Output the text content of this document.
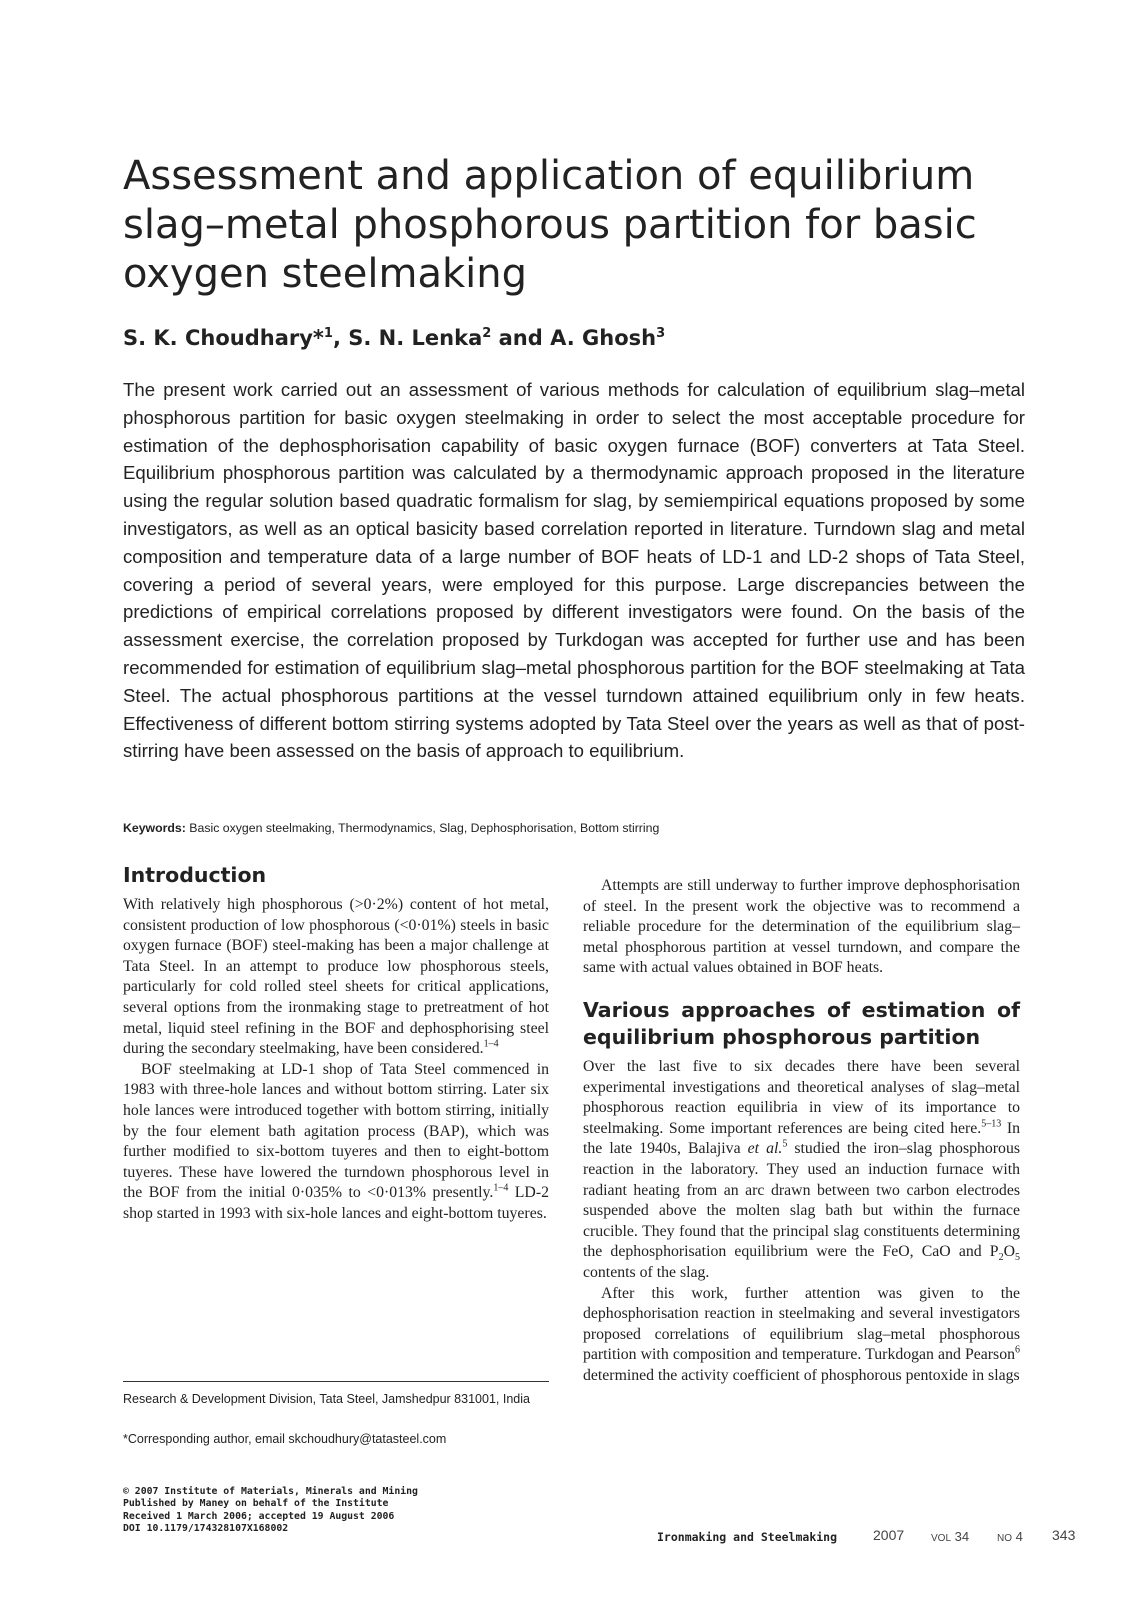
Assessment and application of equilibrium slag–metal phosphorous partition for basic oxygen steelmaking

S. K. Choudhary*$^1$, S. N. Lenka$^2$ and A. Ghosh$^3$

The present work carried out an assessment of various methods for calculation of equilibrium slag–metal phosphorous partition for basic oxygen steelmaking in order to select the most acceptable procedure for estimation of the dephosphorisation capability of basic oxygen furnace (BOF) converters at Tata Steel. Equilibrium phosphorous partition was calculated by a thermodynamic approach proposed in the literature using the regular solution based quadratic formalism for slag, by semiempirical equations proposed by some investigators, as well as an optical basicity based correlation reported in literature. Turndown slag and metal composition and temperature data of a large number of BOF heats of LD-1 and LD-2 shops of Tata Steel, covering a period of several years, were employed for this purpose. Large discrepancies between the predictions of empirical correlations proposed by different investigators were found. On the basis of the assessment exercise, the correlation proposed by Turkdogan was accepted for further use and has been recommended for estimation of equilibrium slag–metal phosphorous partition for the BOF steelmaking at Tata Steel. The actual phosphorous partitions at the vessel turndown attained equilibrium only in few heats. Effectiveness of different bottom stirring systems adopted by Tata Steel over the years as well as that of post-stirring have been assessed on the basis of approach to equilibrium.

Keywords: Basic oxygen steelmaking, Thermodynamics, Slag, Dephosphorisation, Bottom stirring

Introduction

With relatively high phosphorous (>0·2%) content of hot metal, consistent production of low phosphorous (<0·01%) steels in basic oxygen furnace (BOF) steel-making has been a major challenge at Tata Steel. In an attempt to produce low phosphorous steels, particularly for cold rolled steel sheets for critical applications, several options from the ironmaking stage to pretreatment of hot metal, liquid steel refining in the BOF and dephosphorising steel during the secondary steelmaking, have been considered.$^{1-4}$

BOF steelmaking at LD-1 shop of Tata Steel commenced in 1983 with three-hole lances and without bottom stirring. Later six hole lances were introduced together with bottom stirring, initially by the four element bath agitation process (BAP), which was further modified to six-bottom tuyeres and then to eight-bottom tuyeres. These have lowered the turndown phosphorous level in the BOF from the initial 0·035% to <0·013% presently.$^{1-4}$ LD-2 shop started in 1993 with six-hole lances and eight-bottom tuyeres.

Attempts are still underway to further improve dephosphorisation of steel. In the present work the objective was to recommend a reliable procedure for the determination of the equilibrium slag–metal phosphorous partition at vessel turndown, and compare the same with actual values obtained in BOF heats.

Various approaches of estimation of equilibrium phosphorous partition

Over the last five to six decades there have been several experimental investigations and theoretical analyses of slag–metal phosphorous reaction equilibria in view of its importance to steelmaking. Some important references are being cited here.$^{5-13}$ In the late 1940s, Balajiva et al.$^5$ studied the iron–slag phosphorous reaction in the laboratory. They used an induction furnace with radiant heating from an arc drawn between two carbon electrodes suspended above the molten slag bath but within the furnace crucible. They found that the principal slag constituents determining the dephosphorisation equilibrium were the FeO, CaO and $P_2O_5$ contents of the slag.

After this work, further attention was given to the dephosphorisation reaction in steelmaking and several investigators proposed correlations of equilibrium slag–metal phosphorous partition with composition and temperature. Turkdogan and Pearson$^6$ determined the activity coefficient of phosphorous pentoxide in slags

Research & Development Division, Tata Steel, Jamshedpur 831001, India

*Corresponding author, email skchoudhury@tatasteel.com

© 2007 Institute of Materials, Minerals and Mining
Published by Maney on behalf of the Institute
Received 1 March 2006; accepted 19 August 2006
DOI 10.1179/174328107X168002

Ironmaking and Steelmaking	2007	VOL 34	NO 4 343
